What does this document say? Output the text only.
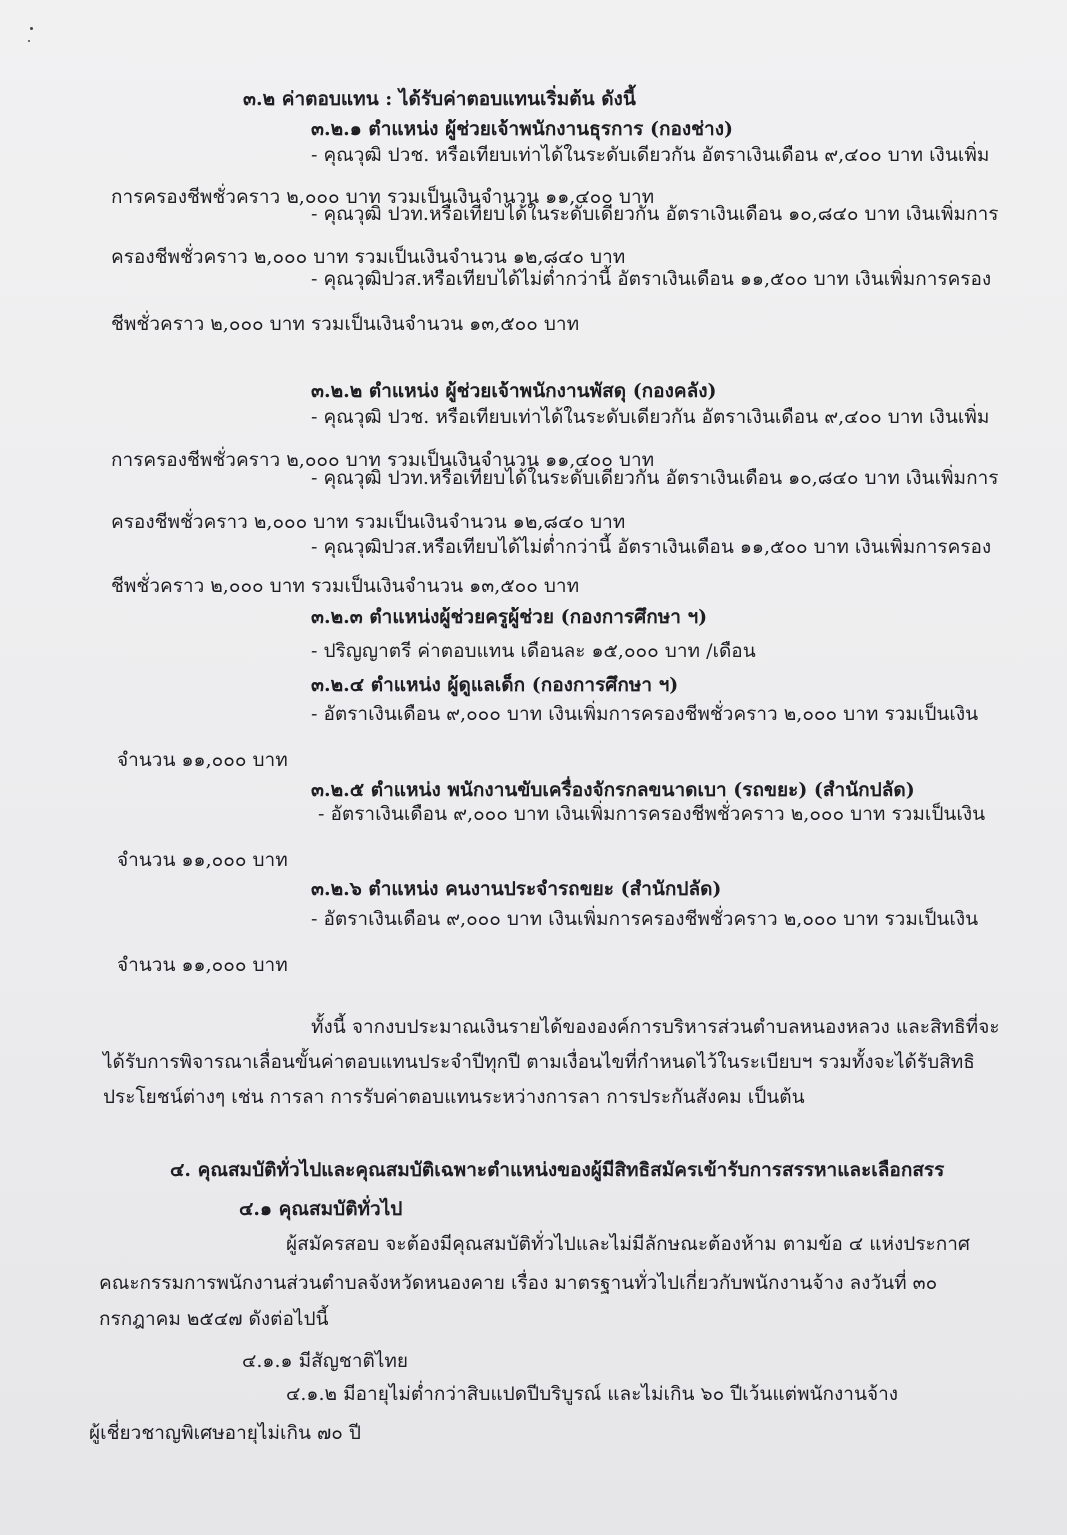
๓.๒ ค่าตอบแทน : ได้รับค่าตอบแทนเริ่มต้น ดังนี้
๓.๒.๑ ตำแหน่ง ผู้ช่วยเจ้าพนักงานธุรการ (กองช่าง)
- คุณวุฒิ ปวช. หรือเทียบเท่าได้ในระดับเดียวกัน อัตราเงินเดือน ๙,๔๐๐ บาท เงินเพิ่ม
การครองชีพชั่วคราว ๒,๐๐๐ บาท รวมเป็นเงินจำนวน ๑๑,๔๐๐ บาท
- คุณวุฒิ ปวท.หรือเทียบได้ในระดับเดียวกัน อัตราเงินเดือน ๑๐,๘๔๐ บาท เงินเพิ่มการ
ครองชีพชั่วคราว ๒,๐๐๐ บาท รวมเป็นเงินจำนวน ๑๒,๘๔๐ บาท
- คุณวุฒิปวส.หรือเทียบได้ไม่ต่ำกว่านี้ อัตราเงินเดือน ๑๑,๕๐๐ บาท เงินเพิ่มการครอง
ชีพชั่วคราว ๒,๐๐๐ บาท รวมเป็นเงินจำนวน ๑๓,๕๐๐ บาท
๓.๒.๒ ตำแหน่ง ผู้ช่วยเจ้าพนักงานพัสดุ (กองคลัง)
- คุณวุฒิ ปวช. หรือเทียบเท่าได้ในระดับเดียวกัน อัตราเงินเดือน ๙,๔๐๐ บาท เงินเพิ่ม
การครองชีพชั่วคราว ๒,๐๐๐ บาท รวมเป็นเงินจำนวน ๑๑,๔๐๐ บาท
- คุณวุฒิ ปวท.หรือเทียบได้ในระดับเดียวกัน อัตราเงินเดือน ๑๐,๘๔๐ บาท เงินเพิ่มการ
ครองชีพชั่วคราว ๒,๐๐๐ บาท รวมเป็นเงินจำนวน ๑๒,๘๔๐ บาท
- คุณวุฒิปวส.หรือเทียบได้ไม่ต่ำกว่านี้ อัตราเงินเดือน ๑๑,๕๐๐ บาท เงินเพิ่มการครอง
ชีพชั่วคราว ๒,๐๐๐ บาท รวมเป็นเงินจำนวน ๑๓,๕๐๐ บาท
๓.๒.๓ ตำแหน่งผู้ช่วยครูผู้ช่วย (กองการศึกษา ฯ)
- ปริญญาตรี ค่าตอบแทน เดือนละ ๑๕,๐๐๐ บาท /เดือน
๓.๒.๔ ตำแหน่ง ผู้ดูแลเด็ก (กองการศึกษา ฯ)
- อัตราเงินเดือน ๙,๐๐๐ บาท เงินเพิ่มการครองชีพชั่วคราว ๒,๐๐๐ บาท รวมเป็นเงิน
จำนวน ๑๑,๐๐๐ บาท
๓.๒.๕ ตำแหน่ง พนักงานขับเครื่องจักรกลขนาดเบา (รถขยะ) (สำนักปลัด)
- อัตราเงินเดือน ๙,๐๐๐ บาท เงินเพิ่มการครองชีพชั่วคราว ๒,๐๐๐ บาท รวมเป็นเงิน
จำนวน ๑๑,๐๐๐ บาท
๓.๒.๖ ตำแหน่ง คนงานประจำรถขยะ (สำนักปลัด)
- อัตราเงินเดือน ๙,๐๐๐ บาท เงินเพิ่มการครองชีพชั่วคราว ๒,๐๐๐ บาท รวมเป็นเงิน
จำนวน ๑๑,๐๐๐ บาท
ทั้งนี้ จากงบประมาณเงินรายได้ขององค์การบริหารส่วนตำบลหนองหลวง และสิทธิที่จะ
ได้รับการพิจารณาเลื่อนขั้นค่าตอบแทนประจำปีทุกปี ตามเงื่อนไขที่กำหนดไว้ในระเบียบฯ รวมทั้งจะได้รับสิทธิ
ประโยชน์ต่างๆ เช่น การลา การรับค่าตอบแทนระหว่างการลา การประกันสังคม เป็นต้น
๔. คุณสมบัติทั่วไปและคุณสมบัติเฉพาะตำแหน่งของผู้มีสิทธิสมัครเข้ารับการสรรหาและเลือกสรร
๔.๑ คุณสมบัติทั่วไป
ผู้สมัครสอบ จะต้องมีคุณสมบัติทั่วไปและไม่มีลักษณะต้องห้าม ตามข้อ ๔ แห่งประกาศ
คณะกรรมการพนักงานส่วนตำบลจังหวัดหนองคาย เรื่อง มาตรฐานทั่วไปเกี่ยวกับพนักงานจ้าง ลงวันที่ ๓๐
กรกฎาคม ๒๕๔๗ ดังต่อไปนี้
๔.๑.๑ มีสัญชาติไทย
๔.๑.๒ มีอายุไม่ต่ำกว่าสิบแปดปีบริบูรณ์ และไม่เกิน ๖๐ ปีเว้นแต่พนักงานจ้าง
ผู้เชี่ยวชาญพิเศษอายุไม่เกิน ๗๐ ปี
